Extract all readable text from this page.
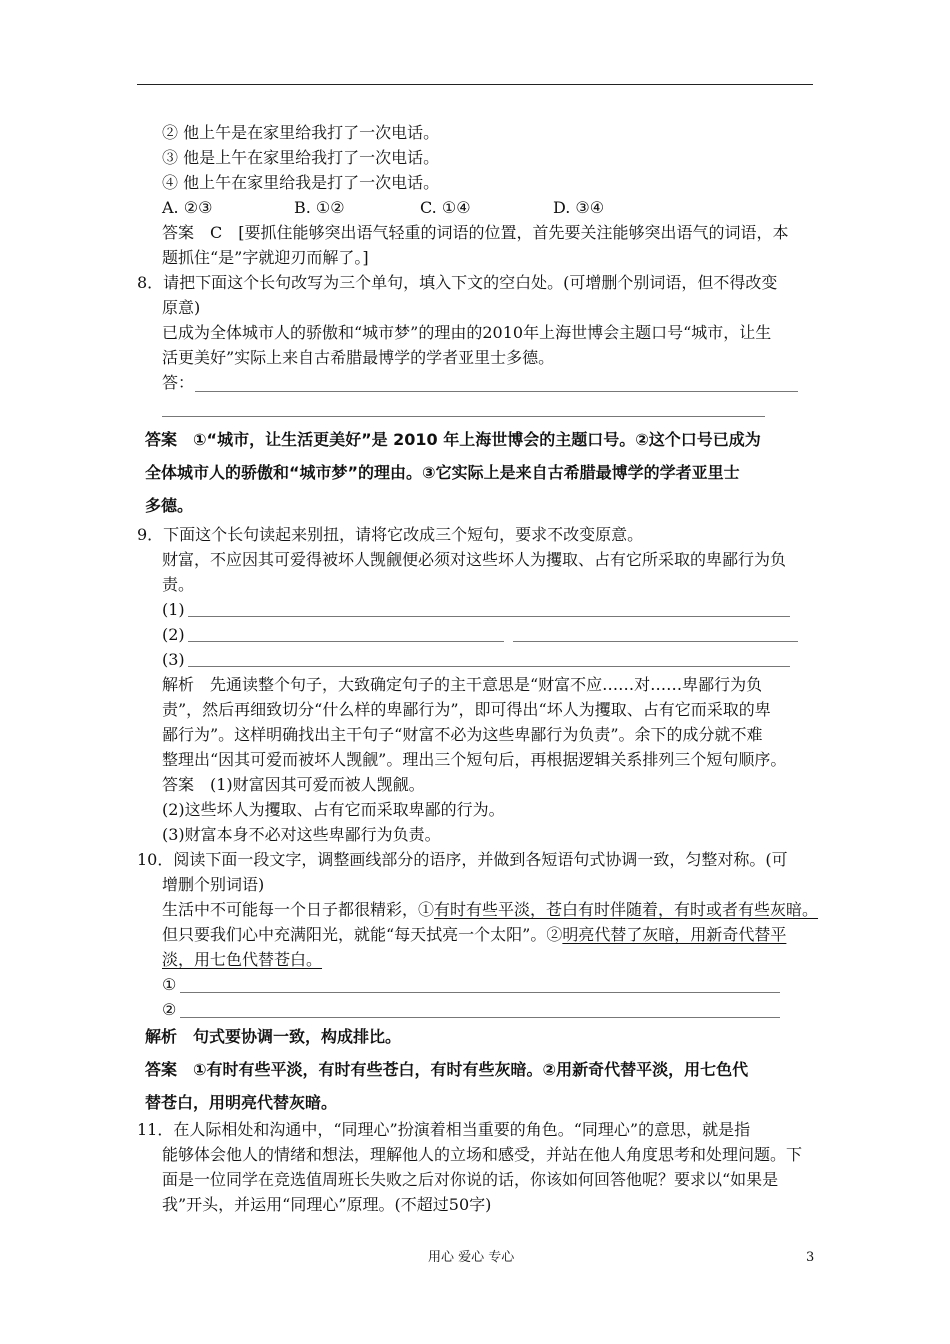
② 他上午是在家里给我打了一次电话。
③ 他是上午在家里给我打了一次电话。
④ 他上午在家里给我是打了一次电话。
A. ②③	B. ①②	C. ①④	D. ③④
答案　C　[要抓住能够突出语气轻重的词语的位置，首先要关注能够突出语气的词语，本
题抓住“是”字就迎刃而解了。]
8．请把下面这个长句改写为三个单句，填入下文的空白处。(可增删个别词语，但不得改变
原意)
已成为全体城市人的骄傲和“城市梦”的理由的2010年上海世博会主题口号“城市，让生
活更美好”实际上来自古希腊最博学的学者亚里士多德。
答：
答案　①“城市，让生活更美好”是 2010 年上海世博会的主题口号。②这个口号已成为
全体城市人的骄傲和“城市梦”的理由。③它实际上是来自古希腊最博学的学者亚里士
多德。
9．下面这个长句读起来别扭，请将它改成三个短句，要求不改变原意。
财富，不应因其可爱得被坏人觊觎便必须对这些坏人为攫取、占有它所采取的卑鄙行为负
责。
(1)
(2)
(3)
解析　先通读整个句子，大致确定句子的主干意思是“财富不应……对……卑鄙行为负
责”，然后再细致切分“什么样的卑鄙行为”，即可得出“坏人为攫取、占有它而采取的卑
鄙行为”。这样明确找出主干句子“财富不必为这些卑鄙行为负责”。余下的成分就不难
整理出“因其可爱而被坏人觊觎”。理出三个短句后，再根据逻辑关系排列三个短句顺序。
答案　(1)财富因其可爱而被人觊觎。
(2)这些坏人为攫取、占有它而采取卑鄙的行为。
(3)财富本身不必对这些卑鄙行为负责。
10．阅读下面一段文字，调整画线部分的语序，并做到各短语句式协调一致，匀整对称。(可
增删个别词语)
生活中不可能每一个日子都很精彩，①有时有些平淡，苍白有时伴随着，有时或者有些灰暗。
但只要我们心中充满阳光，就能“每天拭亮一个太阳”。②明亮代替了灰暗，用新奇代替平
淡，用七色代替苍白。
①
②
解析　句式要协调一致，构成排比。
答案　①有时有些平淡，有时有些苍白，有时有些灰暗。②用新奇代替平淡，用七色代
替苍白，用明亮代替灰暗。
11．在人际相处和沟通中，“同理心”扮演着相当重要的角色。“同理心”的意思，就是指
能够体会他人的情绪和想法，理解他人的立场和感受，并站在他人角度思考和处理问题。下
面是一位同学在竞选值周班长失败之后对你说的话，你该如何回答他呢？要求以“如果是
我”开头，并运用“同理心”原理。(不超过50字)
用心 爱心 专心	3
